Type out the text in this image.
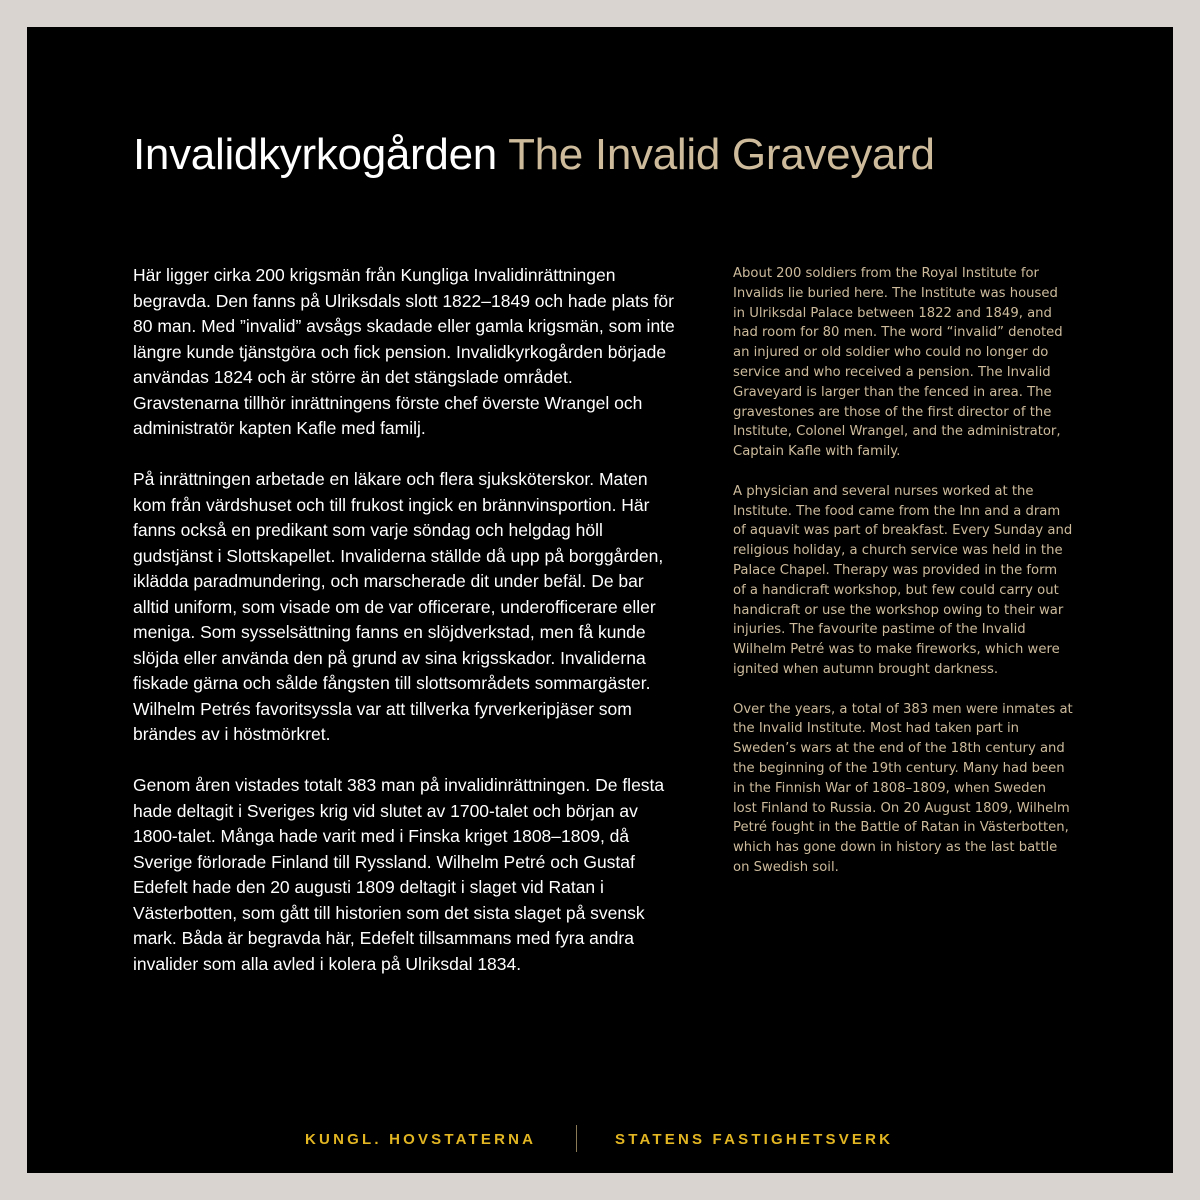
Invalidkyrkogården The Invalid Graveyard

Här ligger cirka 200 krigsmän från Kungliga Invalidinrättningen begravda. Den fanns på Ulriksdals slott 1822–1849 och hade plats för 80 man. Med ”invalid” avsågs skadade eller gamla krigsmän, som inte längre kunde tjänstgöra och fick pension. Invalidkyrkogården började användas 1824 och är större än det stängslade området. Gravstenarna tillhör inrättningens förste chef överste Wrangel och administratör kapten Kafle med familj.

På inrättningen arbetade en läkare och flera sjuksköterskor. Maten kom från värdshuset och till frukost ingick en brännvinsportion. Här fanns också en predikant som varje söndag och helgdag höll gudstjänst i Slottskapellet. Invaliderna ställde då upp på borggården, iklädda paradmundering, och marscherade dit under befäl. De bar alltid uniform, som visade om de var officerare, underofficerare eller meniga. Som sysselsättning fanns en slöjdverkstad, men få kunde slöjda eller använda den på grund av sina krigsskador. Invaliderna fiskade gärna och sålde fångsten till slottsområdets sommargäster. Wilhelm Petrés favoritsyssla var att tillverka fyrverkeripjäser som brändes av i höstmörkret.

Genom åren vistades totalt 383 man på invalidinrättningen. De flesta hade deltagit i Sveriges krig vid slutet av 1700-talet och början av 1800-talet. Många hade varit med i Finska kriget 1808–1809, då Sverige förlorade Finland till Ryssland. Wilhelm Petré och Gustaf Edefelt hade den 20 augusti 1809 deltagit i slaget vid Ratan i Västerbotten, som gått till historien som det sista slaget på svensk mark. Båda är begravda här, Edefelt tillsammans med fyra andra invalider som alla avled i kolera på Ulriksdal 1834.

About 200 soldiers from the Royal Institute for Invalids lie buried here. The Institute was housed in Ulriksdal Palace between 1822 and 1849, and had room for 80 men. The word “invalid” denoted an injured or old soldier who could no longer do service and who received a pension. The Invalid Graveyard is larger than the fenced in area. The gravestones are those of the first director of the Institute, Colonel Wrangel, and the administrator, Captain Kafle with family.

A physician and several nurses worked at the Institute. The food came from the Inn and a dram of aquavit was part of breakfast. Every Sunday and religious holiday, a church service was held in the Palace Chapel. Therapy was provided in the form of a handicraft workshop, but few could carry out handicraft or use the workshop owing to their war injuries. The favourite pastime of the Invalid Wilhelm Petré was to make fireworks, which were ignited when autumn brought darkness.

Over the years, a total of 383 men were inmates at the Invalid Institute. Most had taken part in Sweden’s wars at the end of the 18th century and the beginning of the 19th century. Many had been in the Finnish War of 1808–1809, when Sweden lost Finland to Russia. On 20 August 1809, Wilhelm Petré fought in the Battle of Ratan in Västerbotten, which has gone down in history as the last battle on Swedish soil.

KUNGL. HOVSTATERNA	STATENS FASTIGHETSVERK
